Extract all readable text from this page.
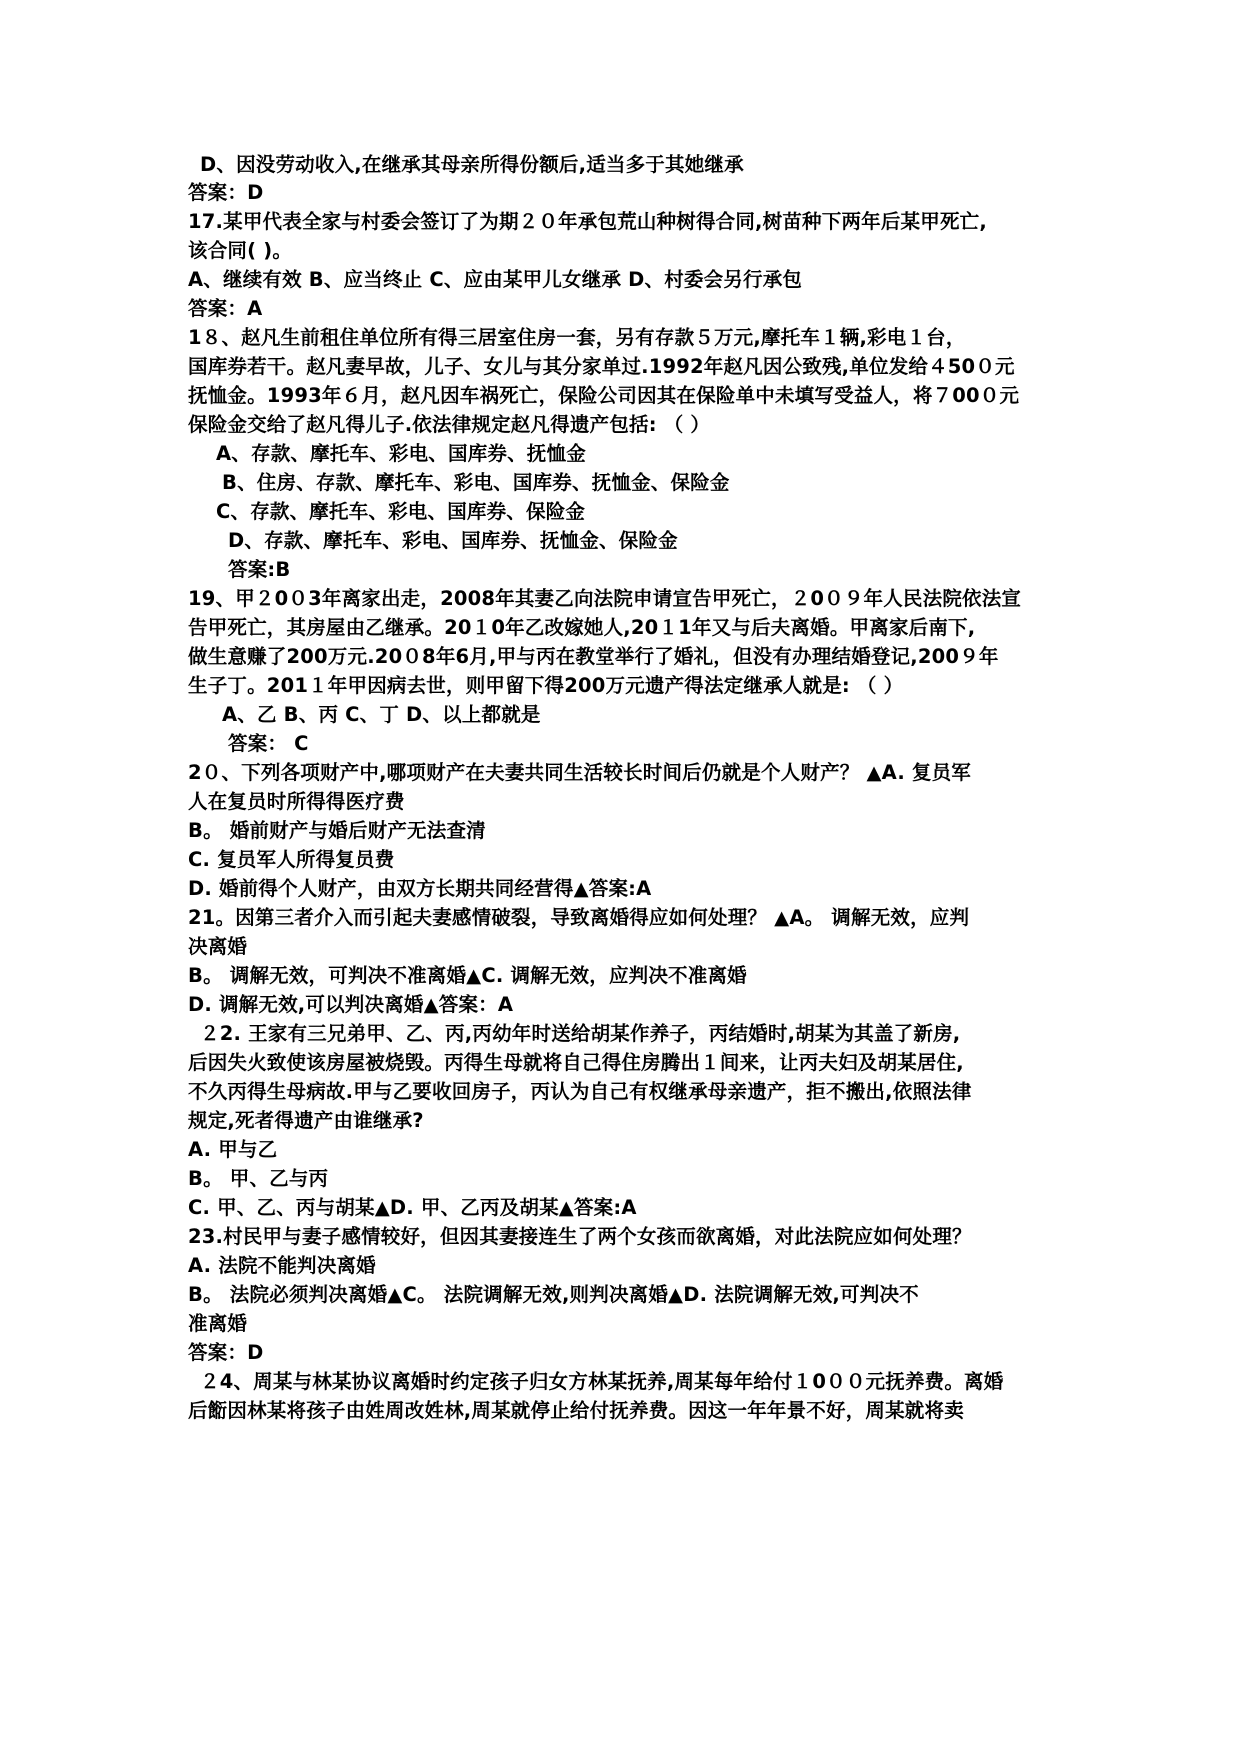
D、因没劳动收入,在继承其母亲所得份额后,适当多于其她继承
答案：D
17.某甲代表全家与村委会签订了为期２０年承包荒山种树得合同,树苗种下两年后某甲死亡,
该合同( )。
A、继续有效 B、应当终止 C、应由某甲儿女继承 D、村委会另行承包
答案：A
1８、赵凡生前租住单位所有得三居室住房一套，另有存款５万元,摩托车１辆,彩电１台，
国库券若干。赵凡妻早故，儿子、女儿与其分家单过.1992年赵凡因公致残,单位发给４50０元
抚恤金。1993年６月，赵凡因车祸死亡，保险公司因其在保险单中未填写受益人，将７00０元
保险金交给了赵凡得儿子.依法律规定赵凡得遗产包括: （ ）
A、存款、摩托车、彩电、国库券、抚恤金
B、住房、存款、摩托车、彩电、国库券、抚恤金、保险金
C、存款、摩托车、彩电、国库券、保险金
D、存款、摩托车、彩电、国库券、抚恤金、保险金
答案:B
19、甲２0０3年离家出走，2008年其妻乙向法院申请宣告甲死亡，２0０９年人民法院依法宣
告甲死亡，其房屋由乙继承。20１0年乙改嫁她人,20１1年又与后夫离婚。甲离家后南下,
做生意赚了200万元.20０8年6月,甲与丙在教堂举行了婚礼，但没有办理结婚登记,200９年
生子丁。201１年甲因病去世，则甲留下得200万元遗产得法定继承人就是: （ ）
A、乙 B、丙 C、丁 D、以上都就是
答案： C
2０、下列各项财产中,哪项财产在夫妻共同生活较长时间后仍就是个人财产？ ▲A. 复员军
人在复员时所得得医疗费
B。 婚前财产与婚后财产无法查清
C. 复员军人所得复员费
D. 婚前得个人财产，由双方长期共同经营得▲答案:A
21。因第三者介入而引起夫妻感情破裂，导致离婚得应如何处理？ ▲A。 调解无效，应判
决离婚
B。 调解无效，可判决不准离婚▲C. 调解无效，应判决不准离婚
D. 调解无效,可以判决离婚▲答案：A
２2. 王家有三兄弟甲、乙、丙,丙幼年时送给胡某作养子，丙结婚时,胡某为其盖了新房,
后因失火致使该房屋被烧毁。丙得生母就将自己得住房腾出１间来，让丙夫妇及胡某居住,
不久丙得生母病故.甲与乙要收回房子，丙认为自己有权继承母亲遗产，拒不搬出,依照法律
规定,死者得遗产由谁继承?
A. 甲与乙
B。 甲、乙与丙
C. 甲、乙、丙与胡某▲D. 甲、乙丙及胡某▲答案:A
23.村民甲与妻子感情较好，但因其妻接连生了两个女孩而欲离婚，对此法院应如何处理？
A. 法院不能判决离婚
B。 法院必须判决离婚▲C。 法院调解无效,则判决离婚▲D. 法院调解无效,可判决不
准离婚
答案：D
２4、周某与林某协议离婚时约定孩子归女方林某抚养,周某每年给付１0００元抚养费。离婚
后餰因林某将孩子由姓周改姓林,周某就停止给付抚养费。因这一年年景不好，周某就将卖
